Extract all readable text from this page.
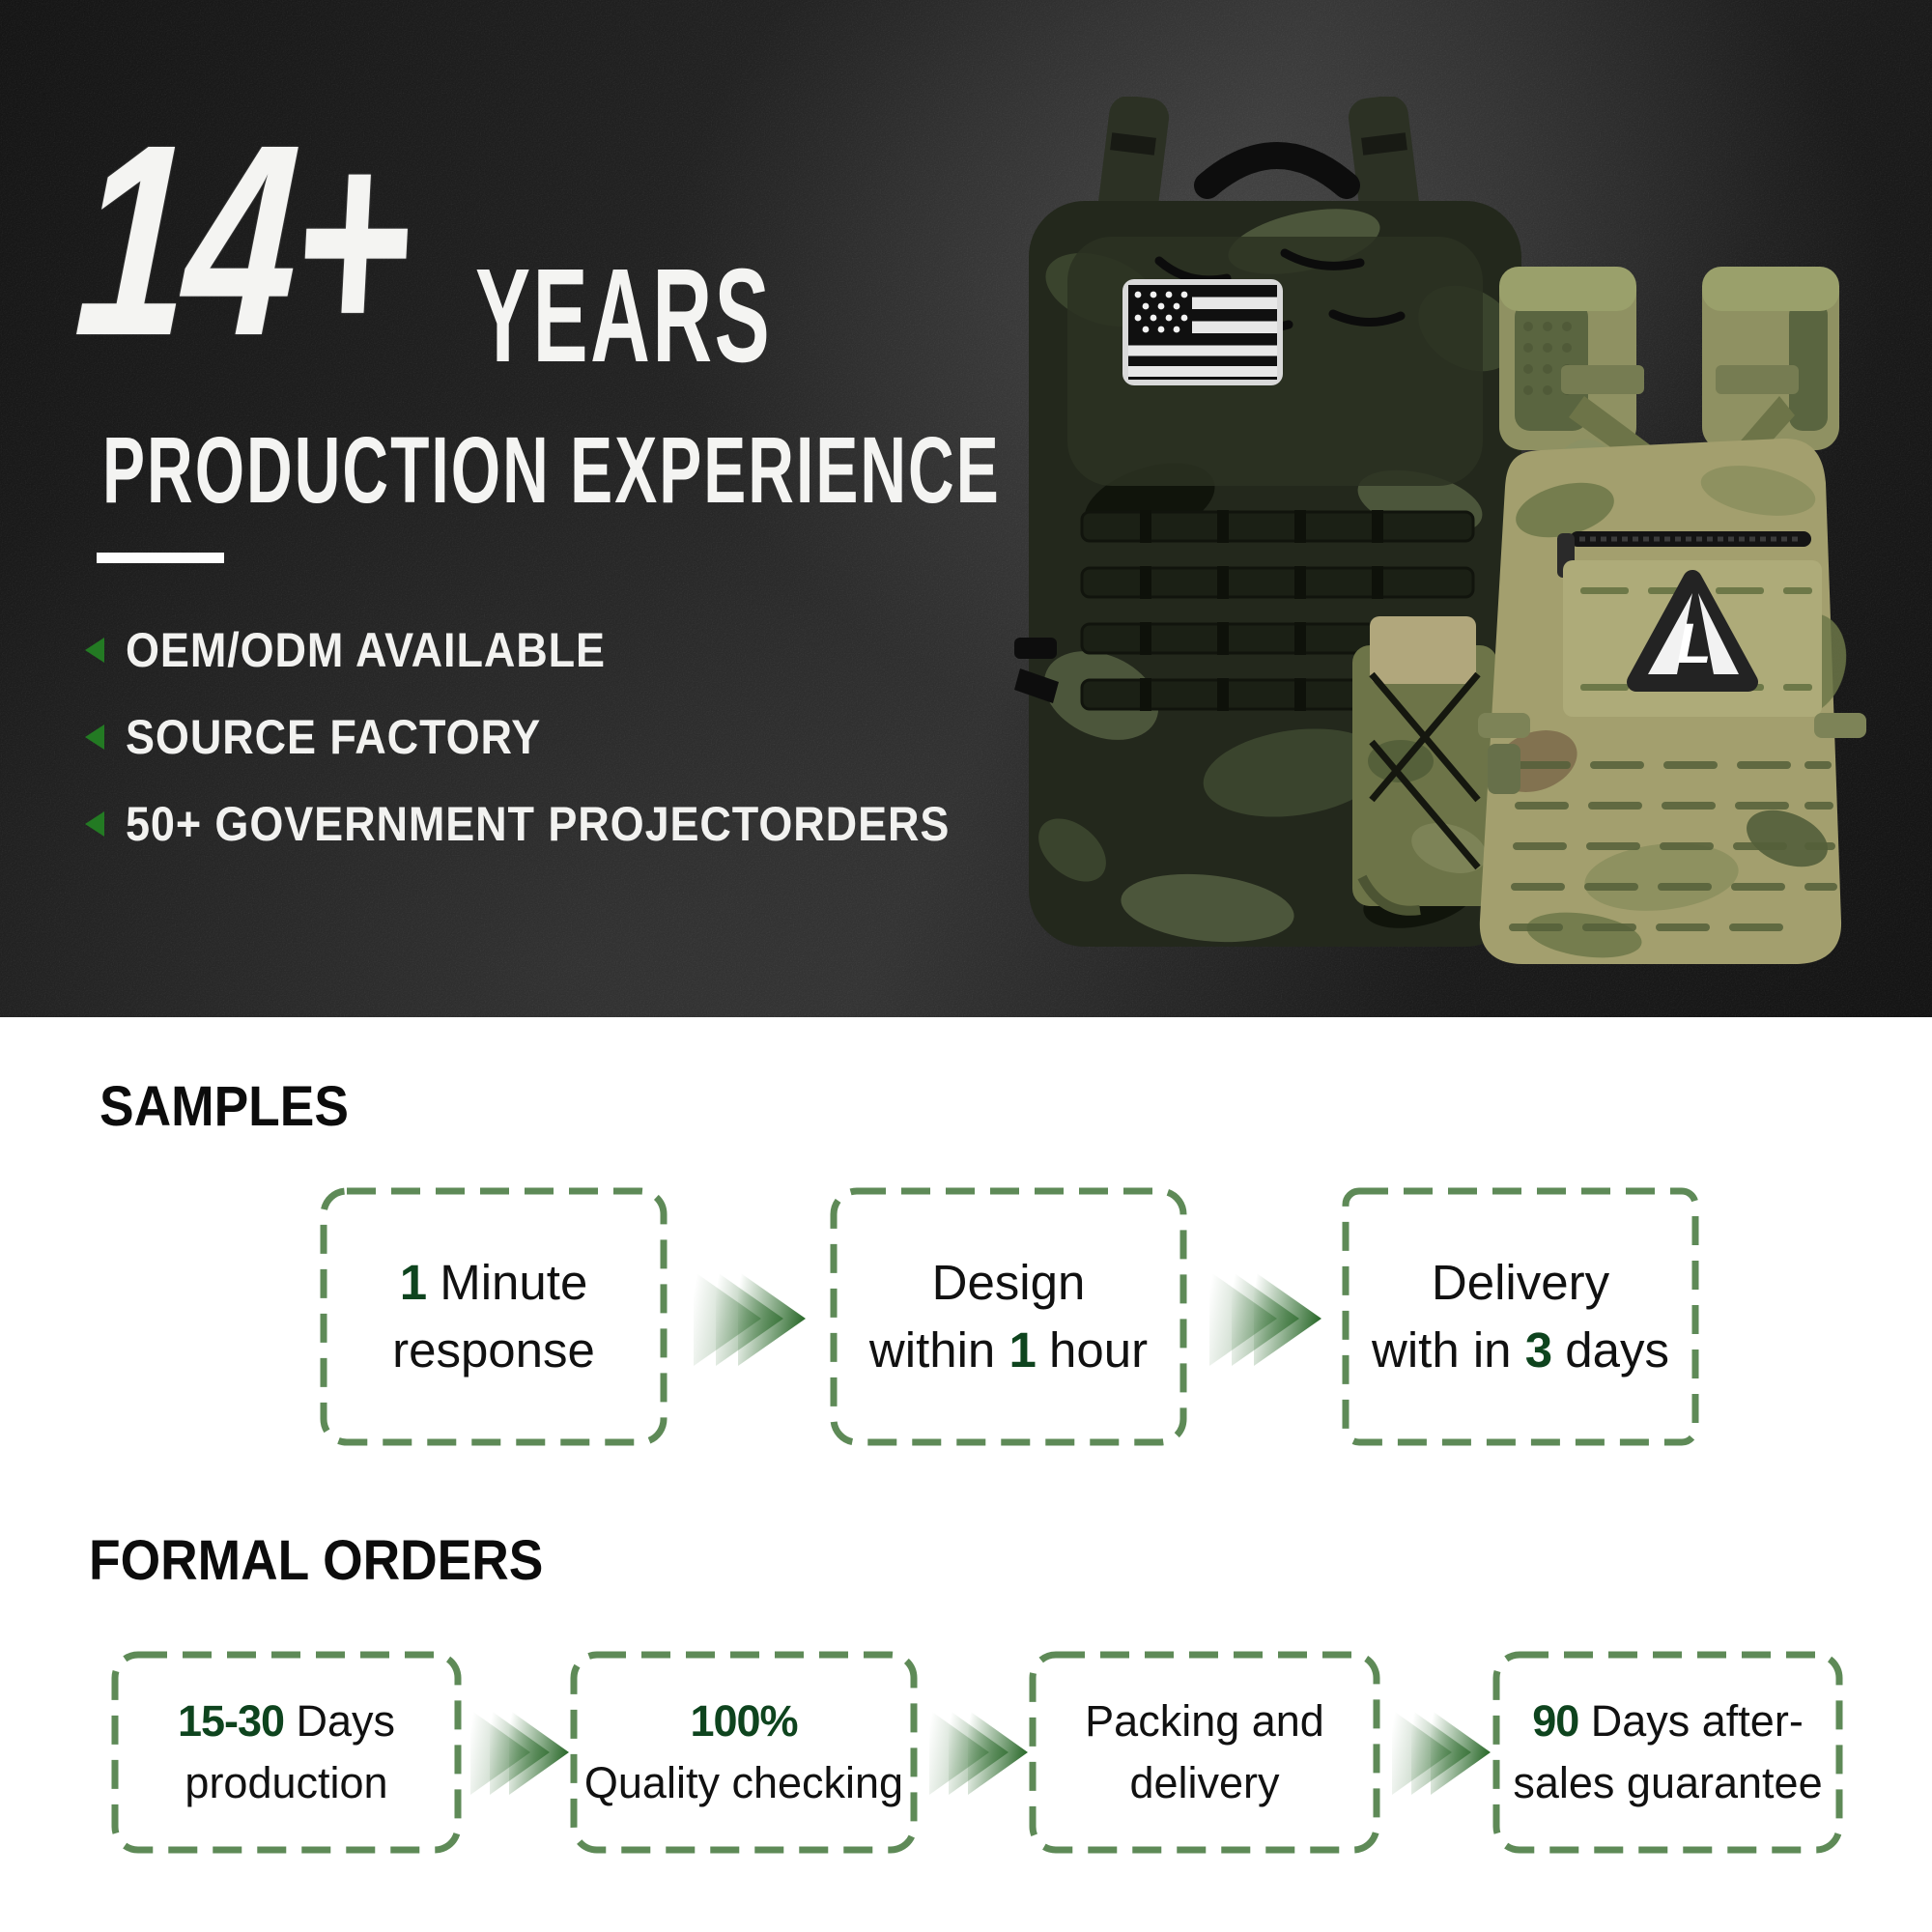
L
14+ YEARS
PRODUCTION EXPERIENCE
OEM/ODM AVAILABLE
SOURCE FACTORY
50+ GOVERNMENT PROJECTORDERS
SAMPLES
1 Minute
response
Design
within 1 hour
Delivery
with in 3 days
FORMAL ORDERS
15-30 Days
production
100%
Quality checking
Packing and
delivery
90 Days after-
sales guarantee
